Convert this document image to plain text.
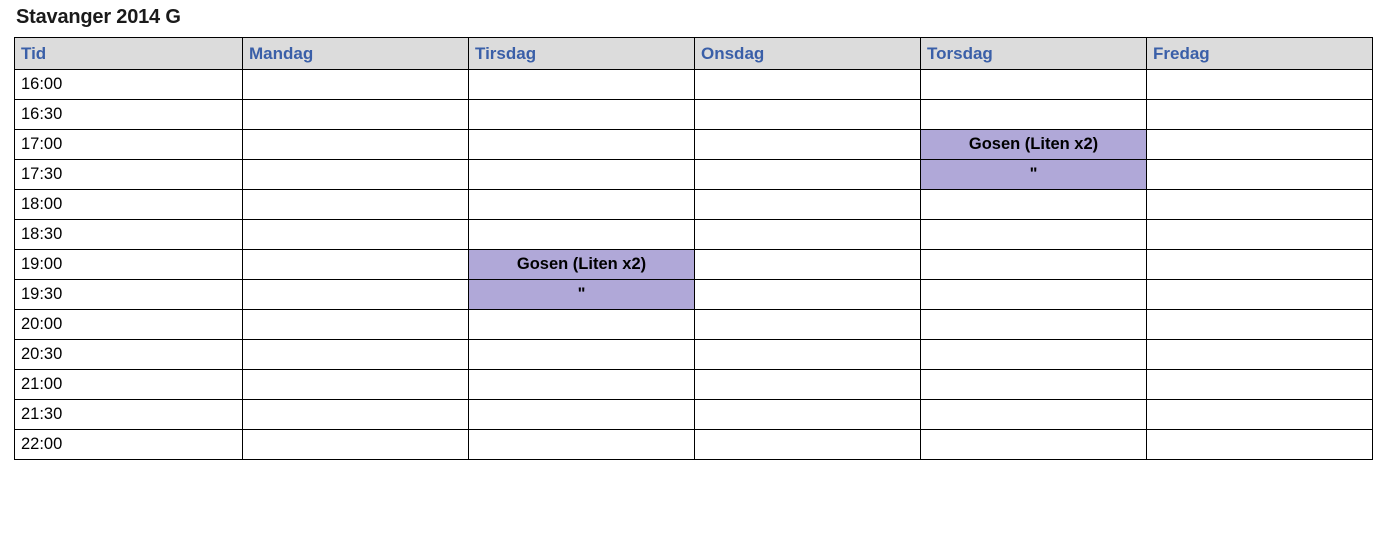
Stavanger 2014 G
Tid	Mandag	Tirsdag	Onsdag	Torsdag	Fredag
16:00					
16:30					
17:00				Gosen (Liten x2)	
17:30				"	
18:00					
18:30					
19:00		Gosen (Liten x2)			
19:30		"			
20:00					
20:30					
21:00					
21:30					
22:00					
